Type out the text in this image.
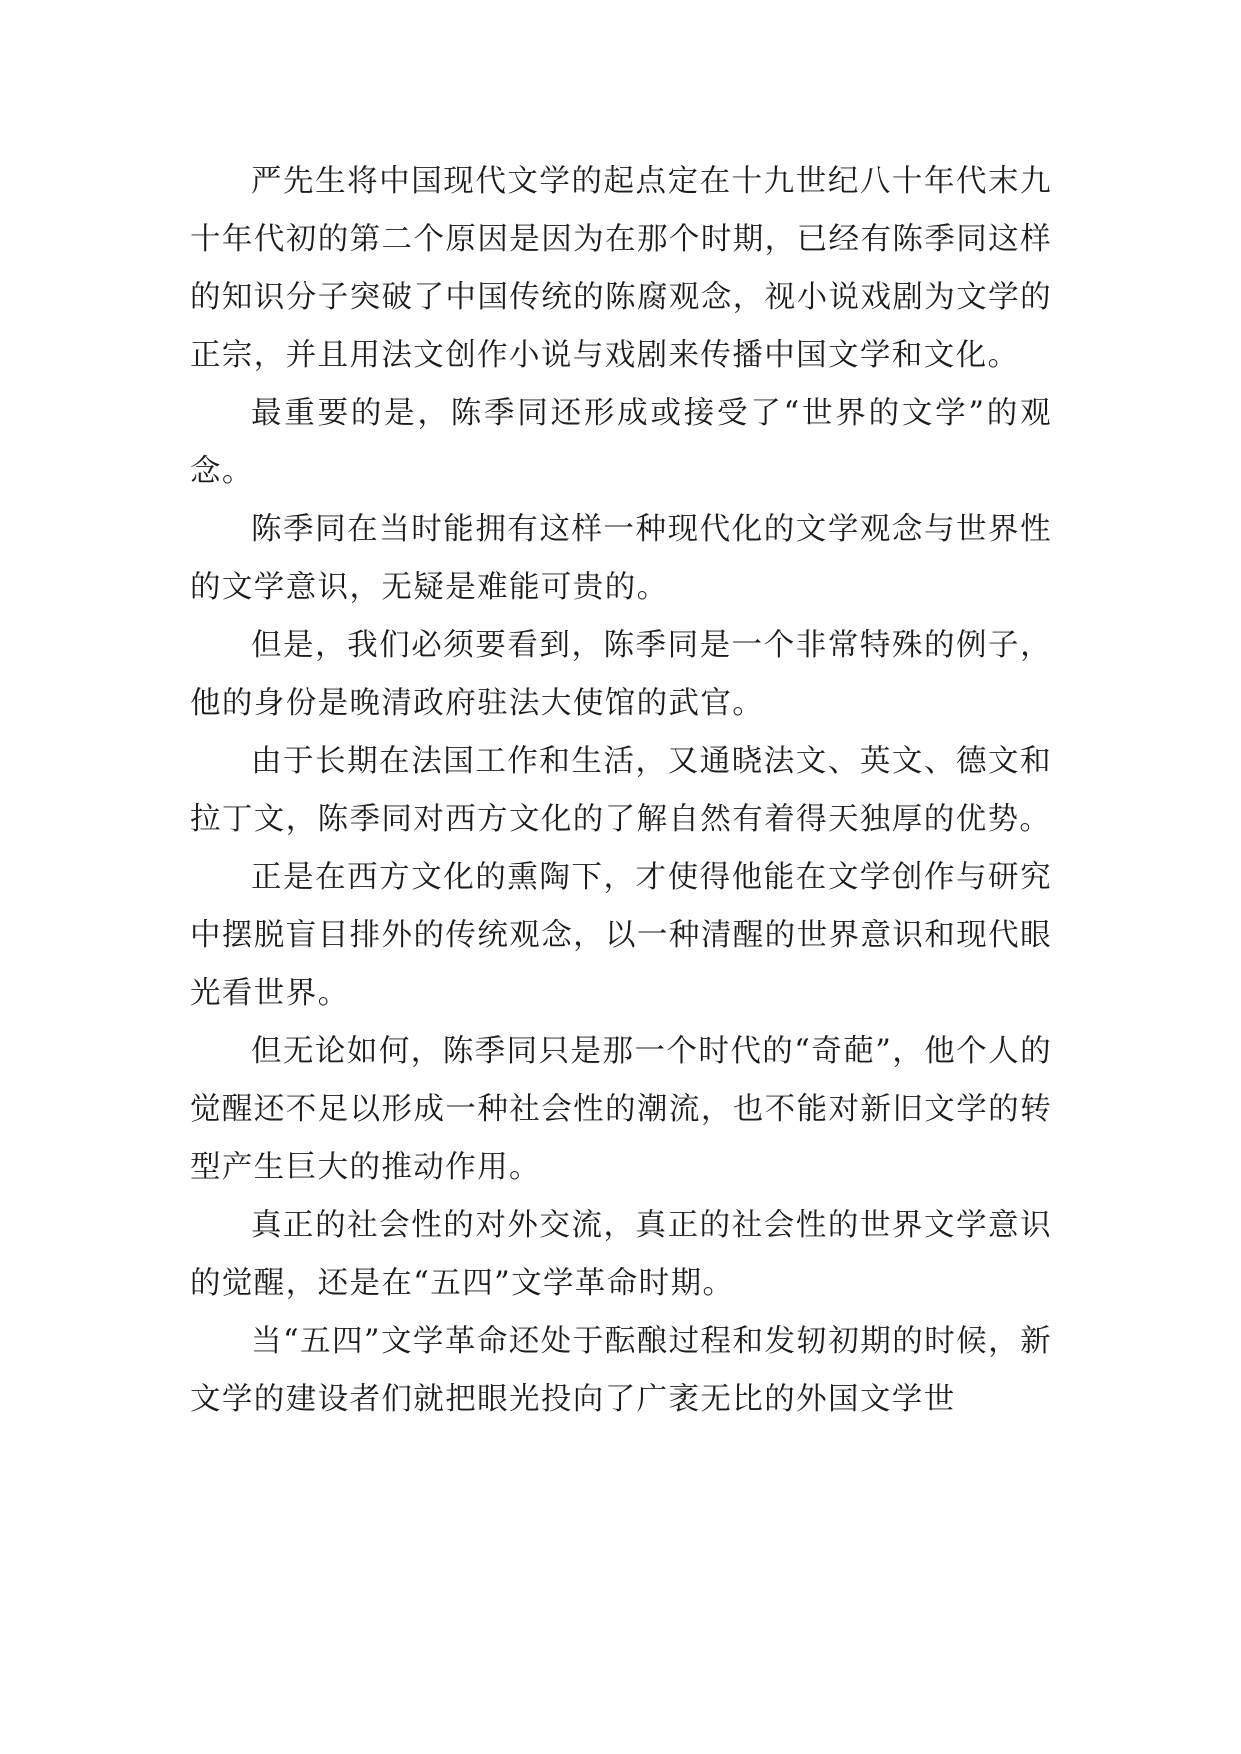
严先生将中国现代文学的起点定在十九世纪八十年代末九十年代初的第二个原因是因为在那个时期，已经有陈季同这样的知识分子突破了中国传统的陈腐观念，视小说戏剧为文学的正宗，并且用法文创作小说与戏剧来传播中国文学和文化。

最重要的是，陈季同还形成或接受了“世界的文学”的观念。

陈季同在当时能拥有这样一种现代化的文学观念与世界性的文学意识，无疑是难能可贵的。

但是，我们必须要看到，陈季同是一个非常特殊的例子，他的身份是晚清政府驻法大使馆的武官。

由于长期在法国工作和生活，又通晓法文、英文、德文和拉丁文，陈季同对西方文化的了解自然有着得天独厚的优势。

正是在西方文化的熏陶下，才使得他能在文学创作与研究中摆脱盲目排外的传统观念，以一种清醒的世界意识和现代眼光看世界。

但无论如何，陈季同只是那一个时代的“奇葩”，他个人的觉醒还不足以形成一种社会性的潮流，也不能对新旧文学的转型产生巨大的推动作用。

真正的社会性的对外交流，真正的社会性的世界文学意识的觉醒，还是在“五四”文学革命时期。

当“五四”文学革命还处于酝酿过程和发轫初期的时候，新文学的建设者们就把眼光投向了广袤无比的外国文学世
